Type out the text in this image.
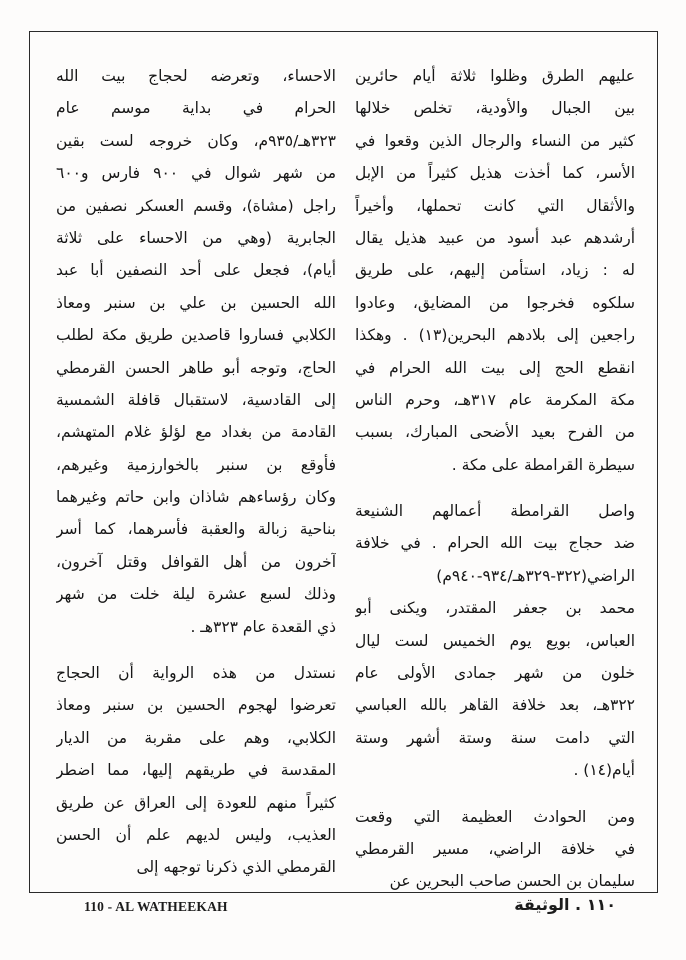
عليهم الطرق وظلوا ثلاثة أيام حائرين
بين الجبال والأودية، تخلص خلالها
كثير من النساء والرجال الذين وقعوا في
الأسر، كما أخذت هذيل كثيراً من الإبل
والأثقال التي كانت تحملها، وأخيراً
أرشدهم عبد أسود من عبيد هذيل يقال
له : زياد، استأمن إليهم، على طريق
سلكوه فخرجوا من المضايق، وعادوا
راجعين إلى بلادهم البحرين(١٣) . وهكذا
انقطع الحج إلى بيت الله الحرام في
مكة المكرمة عام ٣١٧هـ، وحرم الناس
من الفرح بعيد الأضحى المبارك، بسبب
سيطرة القرامطة على مكة .
واصل القرامطة أعمالهم الشنيعة
ضد حجاج بيت الله الحرام . في خلافة
الراضي(٣٢٢-٣٢٩هـ/٩٣٤-٩٤٠م)
محمد بن جعفر المقتدر، ويكنى أبو
العباس، بويع يوم الخميس لست ليال
خلون من شهر جمادى الأولى عام
٣٢٢هـ، بعد خلافة القاهر بالله العباسي
التي دامت سنة وستة أشهر وستة
أيام(١٤) .
ومن الحوادث العظيمة التي وقعت
في خلافة الراضي، مسير القرمطي
سليمان بن الحسن صاحب البحرين عن
الاحساء، وتعرضه لحجاج بيت الله
الحرام في بداية موسم عام
٣٢٣هـ/٩٣٥م، وكان خروجه لست بقين
من شهر شوال في ٩٠٠ فارس و٦٠٠
راجل (مشاة)، وقسم العسكر نصفين من
الجابرية (وهي من الاحساء على ثلاثة
أيام)، فجعل على أحد النصفين أبا عبد
الله الحسين بن علي بن سنبر ومعاذ
الكلابي فساروا قاصدين طريق مكة لطلب
الحاج، وتوجه أبو طاهر الحسن القرمطي
إلى القادسية، لاستقبال قافلة الشمسية
القادمة من بغداد مع لؤلؤ غلام المتهشم،
فأوقع بن سنبر بالخوارزمية وغيرهم،
وكان رؤساءهم شاذان وابن حاتم وغيرهما
بناحية زبالة والعقبة فأسرهما، كما أسر
آخرون من أهل القوافل وقتل آخرون،
وذلك لسبع عشرة ليلة خلت من شهر
ذي القعدة عام ٣٢٣هـ .
نستدل من هذه الرواية أن الحجاج
تعرضوا لهجوم الحسين بن سنبر ومعاذ
الكلابي، وهم على مقربة من الديار
المقدسة في طريقهم إليها، مما اضطر
كثيراً منهم للعودة إلى العراق عن طريق
العذيب، وليس لديهم علم أن الحسن
القرمطي الذي ذكرنا توجهه إلى
110 - AL WATHEEKAH	١١٠ . الوثيقة
